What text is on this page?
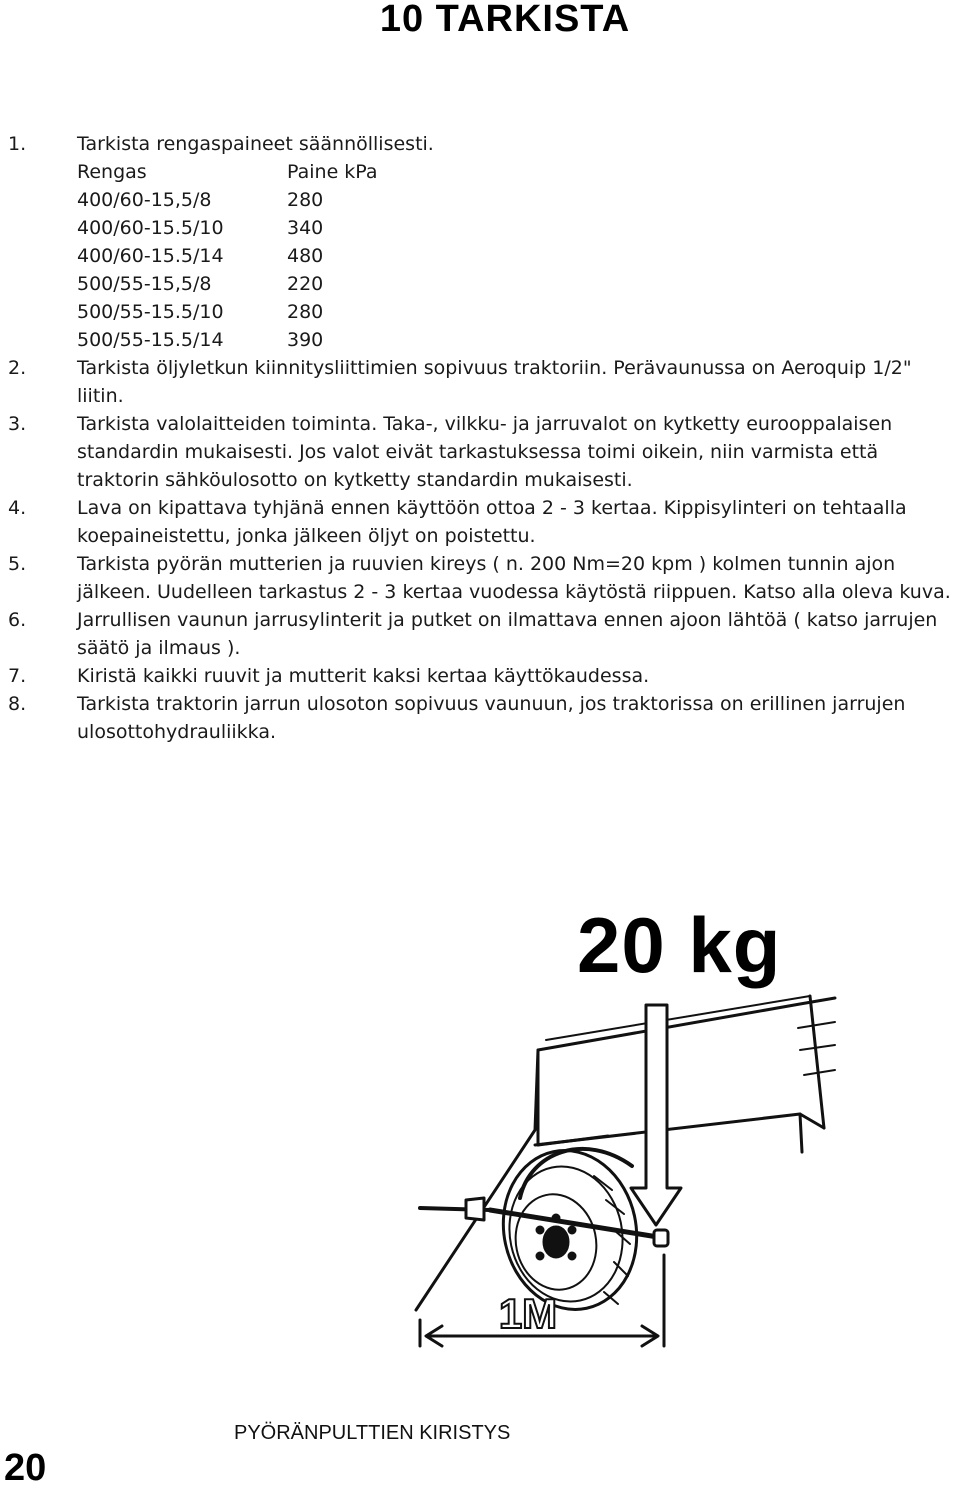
10 TARKISTA
1.	Tarkista rengaspaineet säännöllisesti.
Rengas	Paine kPa
400/60-15,5/8	280
400/60-15.5/10	340
400/60-15.5/14	480
500/55-15,5/8	220
500/55-15.5/10	280
500/55-15.5/14	390
2.	Tarkista öljyletkun kiinnitysliittimien sopivuus traktoriin. Perävaunussa on Aeroquip 1/2" liitin.
3.	Tarkista valolaitteiden toiminta. Taka-, vilkku- ja jarruvalot on kytketty eurooppalaisen standardin mukaisesti. Jos valot eivät tarkastuksessa toimi oikein, niin varmista että traktorin sähköulosotto on kytketty standardin mukaisesti.
4.	Lava on kipattava tyhjänä ennen käyttöön ottoa 2 - 3 kertaa. Kippisylinteri on tehtaalla koepaineistettu, jonka jälkeen öljyt on poistettu.
5.	Tarkista pyörän mutterien ja ruuvien kireys ( n. 200 Nm=20 kpm ) kolmen tunnin ajon jälkeen. Uudelleen tarkastus 2 - 3 kertaa vuodessa käytöstä riippuen. Katso alla oleva kuva.
6.	Jarrullisen vaunun jarrusylinterit ja putket on ilmattava ennen ajoon lähtöä ( katso jarrujen säätö ja ilmaus ).
7.	Kiristä kaikki ruuvit ja mutterit kaksi kertaa käyttökaudessa.
8.	Tarkista traktorin jarrun ulosoton sopivuus vaunuun, jos traktorissa on erillinen jarrujen ulosottohydrauliikka.
1M
20 kg
PYÖRÄNPULTTIEN KIRISTYS
20
